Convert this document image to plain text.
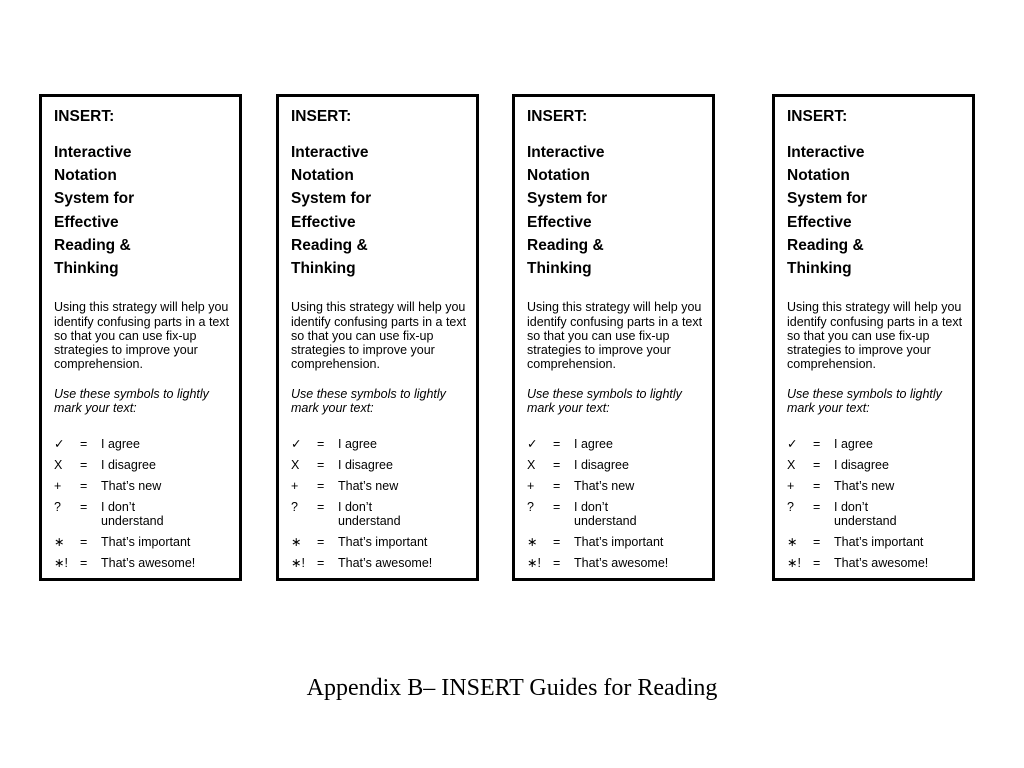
INSERT:
Interactive
Notation
System for
Effective
Reading &
Thinking
Using this strategy will help you
identify confusing parts in a text
so that you can use fix-up
strategies to improve your
comprehension.
Use these symbols to lightly
mark your text:
✓ =	I agree
X =	I disagree
+ =	That’s new
? =	I don’t
understand
∗ =	That’s important
∗! =	That’s awesome!
INSERT:
Interactive
Notation
System for
Effective
Reading &
Thinking
Using this strategy will help you
identify confusing parts in a text
so that you can use fix-up
strategies to improve your
comprehension.
Use these symbols to lightly
mark your text:
✓ =	I agree
X =	I disagree
+ =	That’s new
? =	I don’t
understand
∗ =	That’s important
∗! =	That’s awesome!
INSERT:
Interactive
Notation
System for
Effective
Reading &
Thinking
Using this strategy will help you
identify confusing parts in a text
so that you can use fix-up
strategies to improve your
comprehension.
Use these symbols to lightly
mark your text:
✓ =	I agree
X =	I disagree
+ =	That’s new
? =	I don’t
understand
∗ =	That’s important
∗! =	That’s awesome!
INSERT:
Interactive
Notation
System for
Effective
Reading &
Thinking
Using this strategy will help you
identify confusing parts in a text
so that you can use fix-up
strategies to improve your
comprehension.
Use these symbols to lightly
mark your text:
✓ =	I agree
X =	I disagree
+ =	That’s new
? =	I don’t
understand
∗ =	That’s important
∗! =	That’s awesome!
Appendix B– INSERT Guides for Reading
